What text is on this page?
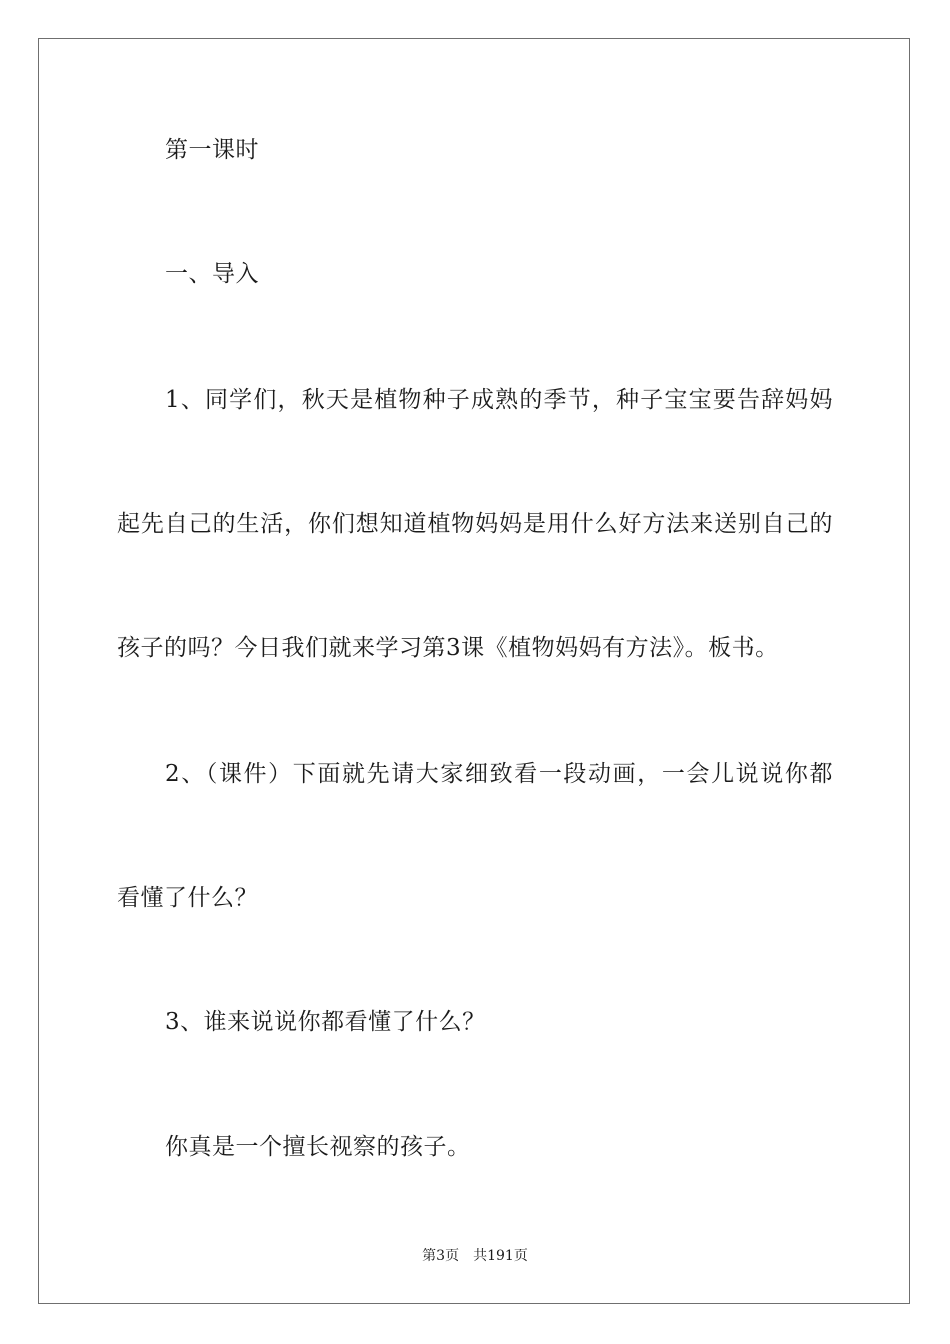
第一课时
一、导入
1、同学们，秋天是植物种子成熟的季节，种子宝宝要告辞妈妈
起先自己的生活，你们想知道植物妈妈是用什么好方法来送别自己的
孩子的吗？今日我们就来学习第3课《植物妈妈有方法》。板书。
2、（课件）下面就先请大家细致看一段动画，一会儿说说你都
看懂了什么？
3、谁来说说你都看懂了什么？
你真是一个擅长视察的孩子。
第3页 共191页
